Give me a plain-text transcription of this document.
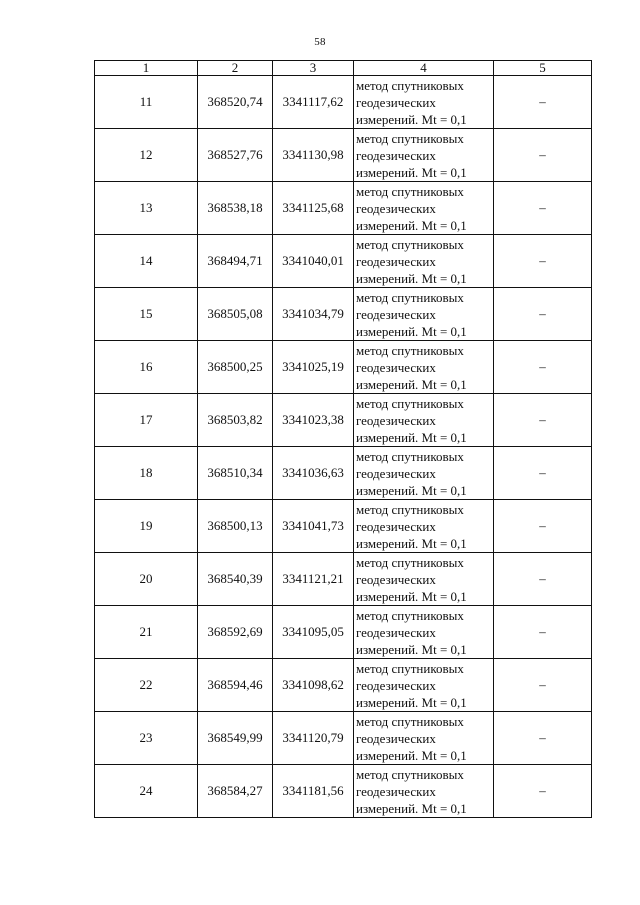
58
1	2	3	4	5
11	368520,74	3341117,62	метод спутниковых
геодезических
измерений. Mt = 0,1	–
12	368527,76	3341130,98	метод спутниковых
геодезических
измерений. Mt = 0,1	–
13	368538,18	3341125,68	метод спутниковых
геодезических
измерений. Mt = 0,1	–
14	368494,71	3341040,01	метод спутниковых
геодезических
измерений. Mt = 0,1	–
15	368505,08	3341034,79	метод спутниковых
геодезических
измерений. Mt = 0,1	–
16	368500,25	3341025,19	метод спутниковых
геодезических
измерений. Mt = 0,1	–
17	368503,82	3341023,38	метод спутниковых
геодезических
измерений. Mt = 0,1	–
18	368510,34	3341036,63	метод спутниковых
геодезических
измерений. Mt = 0,1	–
19	368500,13	3341041,73	метод спутниковых
геодезических
измерений. Mt = 0,1	–
20	368540,39	3341121,21	метод спутниковых
геодезических
измерений. Mt = 0,1	–
21	368592,69	3341095,05	метод спутниковых
геодезических
измерений. Mt = 0,1	–
22	368594,46	3341098,62	метод спутниковых
геодезических
измерений. Mt = 0,1	–
23	368549,99	3341120,79	метод спутниковых
геодезических
измерений. Mt = 0,1	–
24	368584,27	3341181,56	метод спутниковых
геодезических
измерений. Mt = 0,1	–
